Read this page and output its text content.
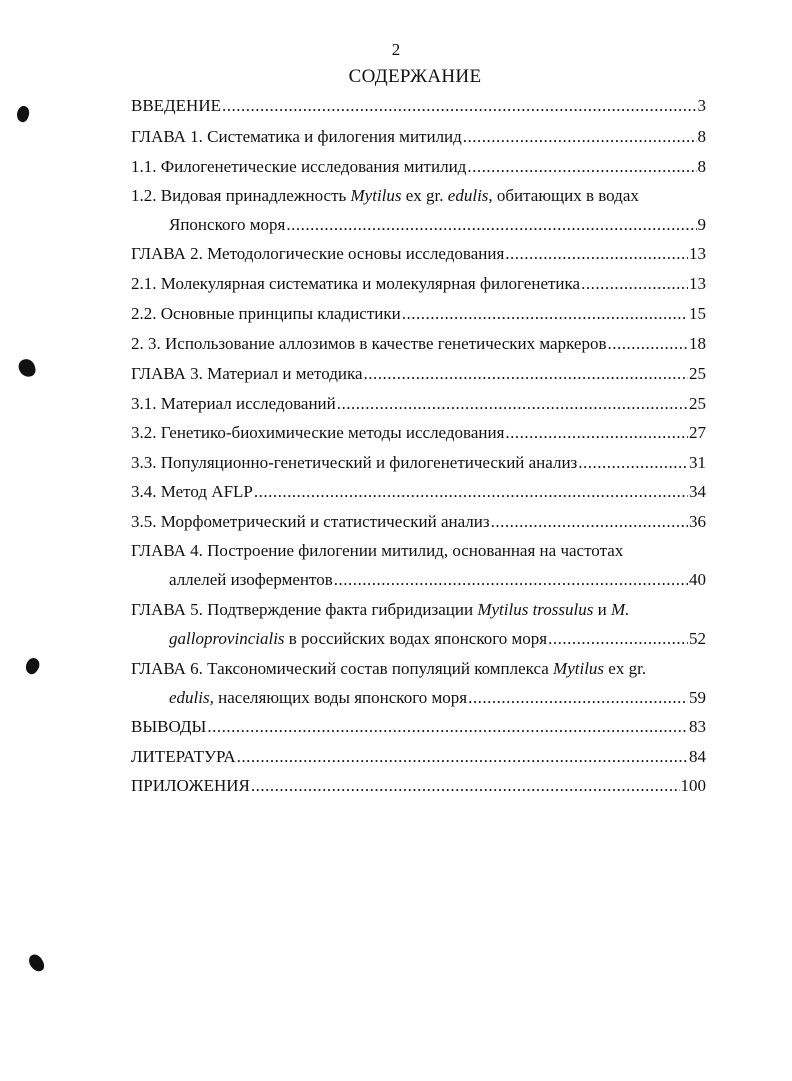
2
СОДЕРЖАНИЕ
ВВЕДЕНИЕ .....	3
ГЛАВА 1. Систематика и филогения митилид .....	8
1.1. Филогенетические исследования митилид .....	8
1.2. Видовая принадлежность Mytilus ex gr. edulis, обитающих в водах
Японского моря .....	9
ГЛАВА 2. Методологические основы исследования .....	13
2.1. Молекулярная систематика и молекулярная филогенетика .....	13
2.2. Основные принципы кладистики .....	15
2. 3. Использование аллозимов в качестве генетических маркеров .....	18
ГЛАВА 3. Материал и методика .....	25
3.1. Материал исследований .....	25
3.2. Генетико-биохимические методы исследования .....	27
3.3. Популяционно-генетический и филогенетический анализ .....	31
3.4. Метод AFLP .....	34
3.5. Морфометрический и статистический анализ .....	36
ГЛАВА 4. Построение филогении митилид, основанная на частотах
аллелей изоферментов .....	40
ГЛАВА 5. Подтверждение факта гибридизации Mytilus trossulus и M.
galloprovincialis в российских водах японского моря .....	52
ГЛАВА 6. Таксономический состав популяций комплекса Mytilus ex gr.
edulis, населяющих воды японского моря .....	59
ВЫВОДЫ .....	83
ЛИТЕРАТУРА .....	84
ПРИЛОЖЕНИЯ .....	100
